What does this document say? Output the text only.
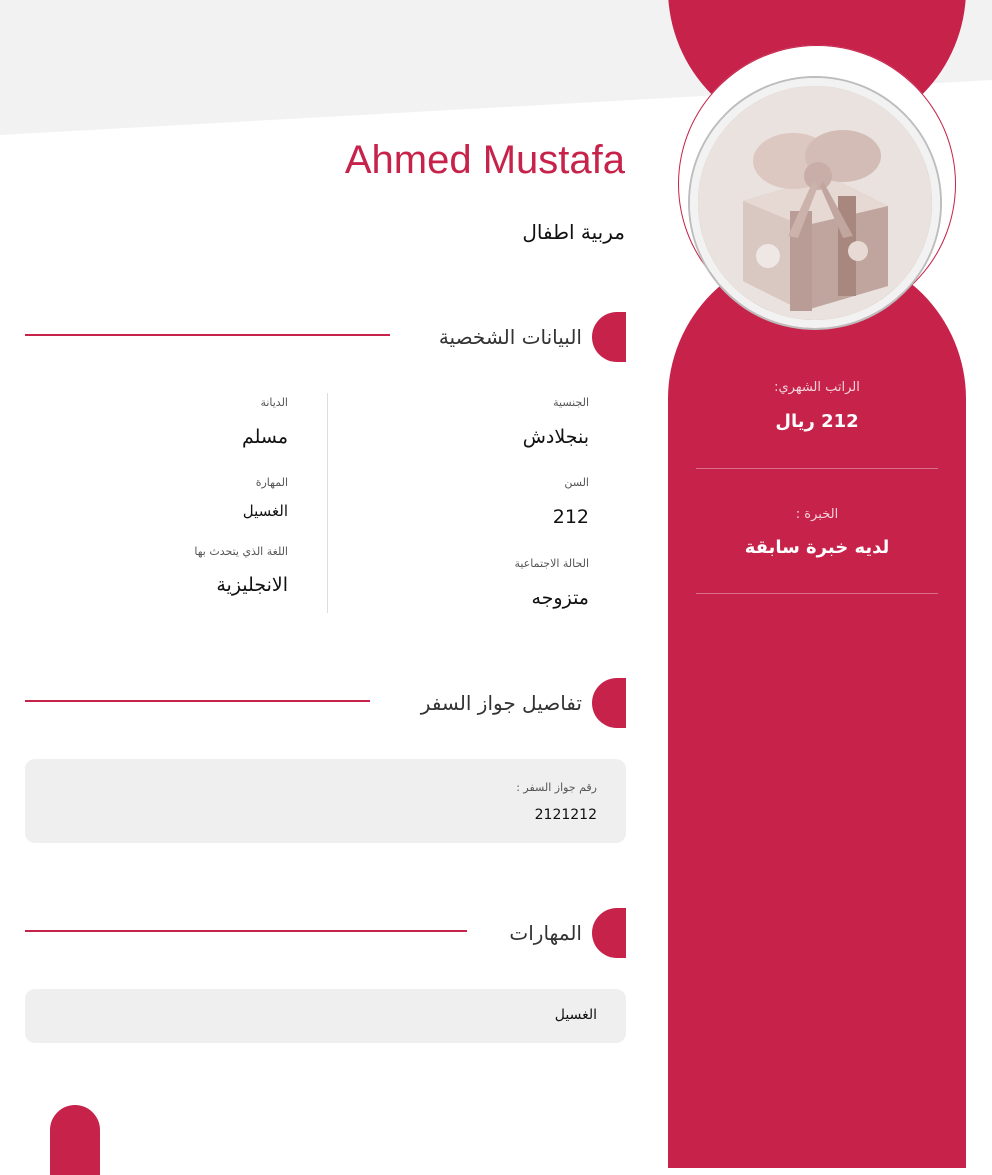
Ahmed Mustafa
مربية اطفال
البيانات الشخصية
الجنسية
بنجلادش
الديانة
مسلم
السن
212
المهارة
الغسيل
الحالة الاجتماعية
متزوجه
اللغة الذي يتحدث بها
الانجليزية
تفاصيل جواز السفر
رقم جواز السفر :
2121212
المهارات
الغسيل
الراتب الشهري:
212 ريال
الخبرة :
لديه خبرة سابقة
